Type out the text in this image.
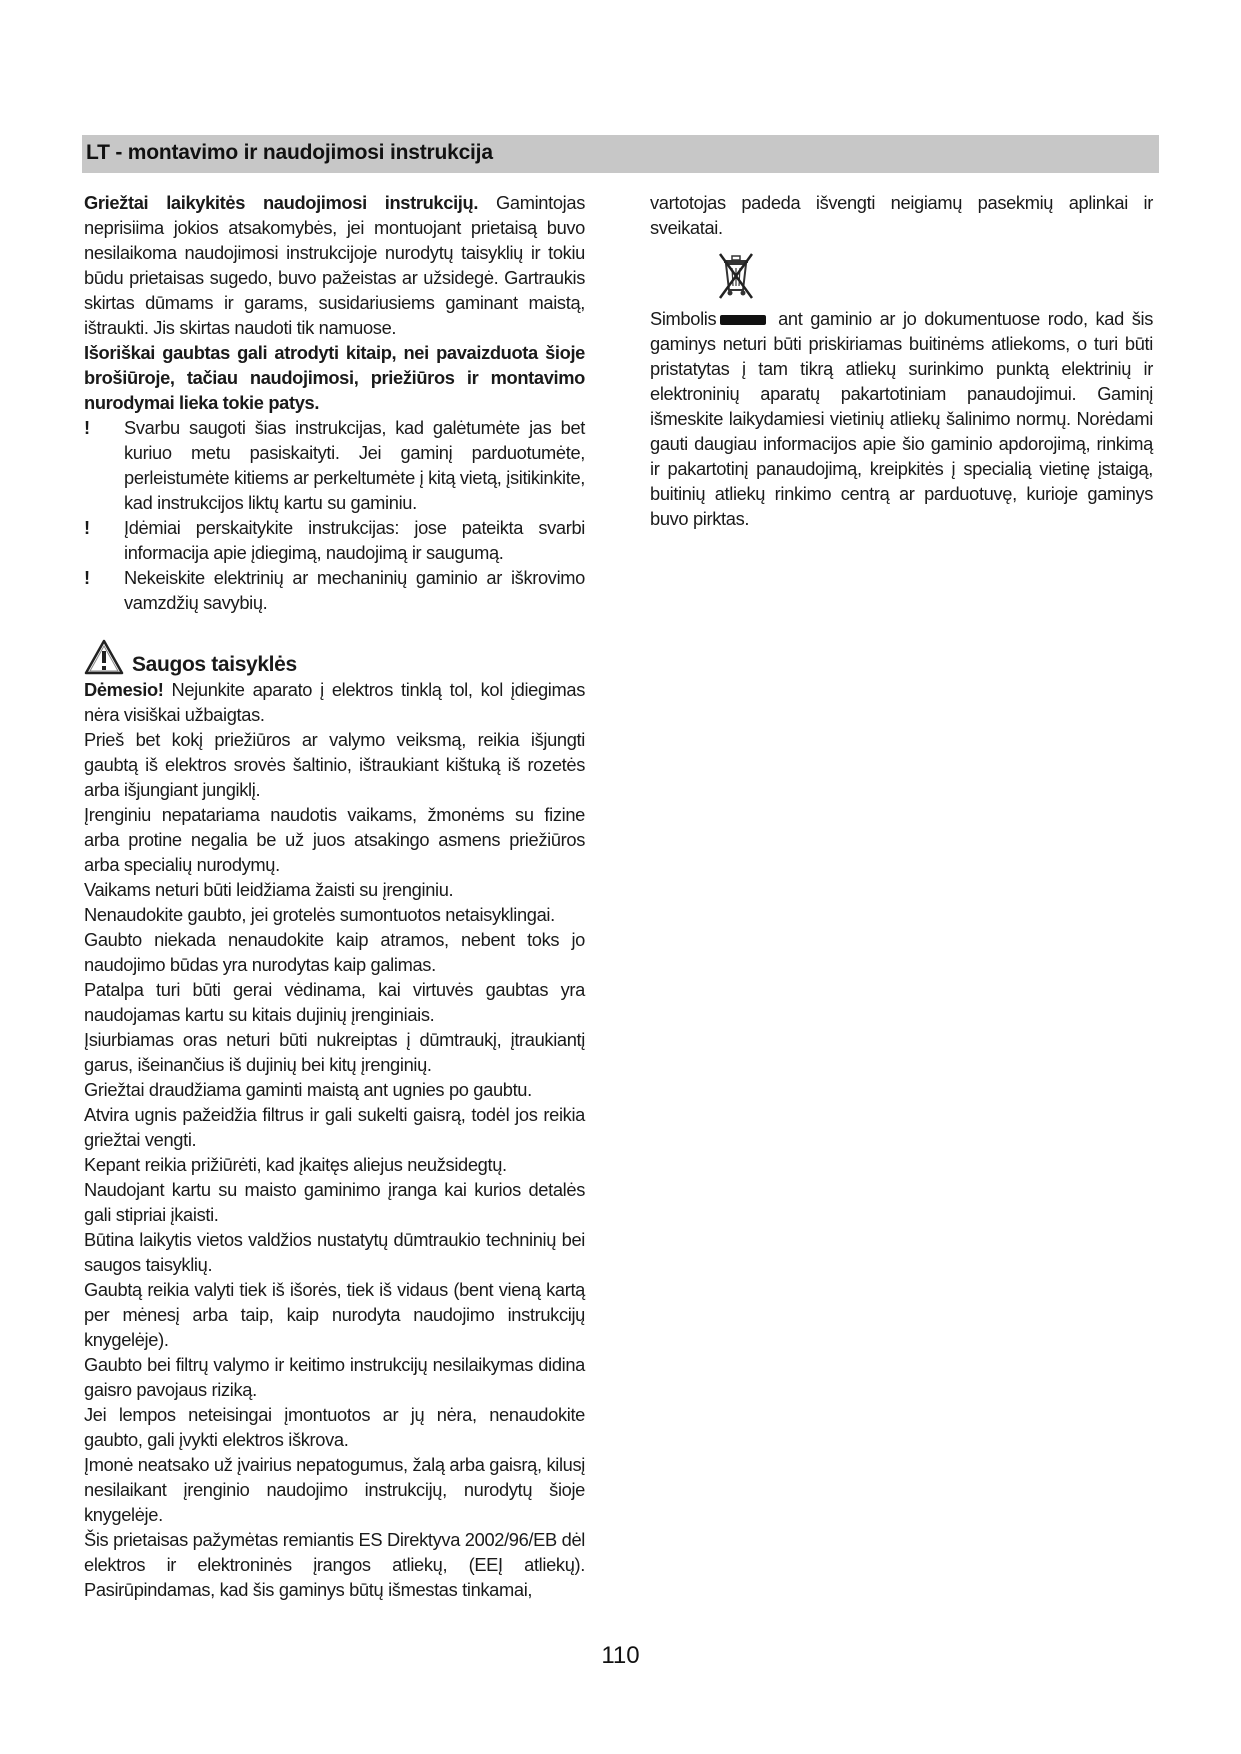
LT - montavimo ir naudojimosi instrukcija

Griežtai laikykitės naudojimosi instrukcijų. Gamintojas neprisiima jokios atsakomybės, jei montuojant prietaisą buvo nesilaikoma naudojimosi instrukcijoje nurodytų taisyklių ir tokiu būdu prietaisas sugedo, buvo pažeistas ar užsidegė. Gartraukis skirtas dūmams ir garams, susidariusiems gaminant maistą, ištraukti. Jis skirtas naudoti tik namuose.

Išoriškai gaubtas gali atrodyti kitaip, nei pavaizduota šioje brošiūroje, tačiau naudojimosi, priežiūros ir montavimo nurodymai lieka tokie patys.

! Svarbu saugoti šias instrukcijas, kad galėtumėte jas bet kuriuo metu pasiskaityti. Jei gaminį parduotumėte, perleistumėte kitiems ar perkeltumėte į kitą vietą, įsitikinkite, kad instrukcijos liktų kartu su gaminiu.
! Įdėmiai perskaitykite instrukcijas: jose pateikta svarbi informacija apie įdiegimą, naudojimą ir saugumą.
! Nekeiskite elektrinių ar mechaninių gaminio ar iškrovimo vamzdžių savybių.
Saugos taisyklės

Dėmesio! Nejunkite aparato į elektros tinklą tol, kol įdiegimas nėra visiškai užbaigtas.

Prieš bet kokį priežiūros ar valymo veiksmą, reikia išjungti gaubtą iš elektros srovės šaltinio, ištraukiant kištuką iš rozetės arba išjungiant jungiklį.

Įrenginiu nepatariama naudotis vaikams, žmonėms su fizine arba protine negalia be už juos atsakingo asmens priežiūros arba specialių nurodymų.

Vaikams neturi būti leidžiama žaisti su įrenginiu.

Nenaudokite gaubto, jei grotelės sumontuotos netaisyklingai.

Gaubto niekada nenaudokite kaip atramos, nebent toks jo naudojimo būdas yra nurodytas kaip galimas.

Patalpa turi būti gerai vėdinama, kai virtuvės gaubtas yra naudojamas kartu su kitais dujinių įrenginiais.

Įsiurbiamas oras neturi būti nukreiptas į dūmtraukį, įtraukiantį garus, išeinančius iš dujinių bei kitų įrenginių.

Griežtai draudžiama gaminti maistą ant ugnies po gaubtu.

Atvira ugnis pažeidžia filtrus ir gali sukelti gaisrą, todėl jos reikia griežtai vengti.

Kepant reikia prižiūrėti, kad įkaitęs aliejus neužsidegtų.

Naudojant kartu su maisto gaminimo įranga kai kurios detalės gali stipriai įkaisti.

Būtina laikytis vietos valdžios nustatytų dūmtraukio techninių bei saugos taisyklių.

Gaubtą reikia valyti tiek iš išorės, tiek iš vidaus (bent vieną kartą per mėnesį arba taip, kaip nurodyta naudojimo instrukcijų knygelėje).

Gaubto bei filtrų valymo ir keitimo instrukcijų nesilaikymas didina gaisro pavojaus riziką.

Jei lempos neteisingai įmontuotos ar jų nėra, nenaudokite gaubto, gali įvykti elektros iškrova.

Įmonė neatsako už įvairius nepatogumus, žalą arba gaisrą, kilusį nesilaikant įrenginio naudojimo instrukcijų, nurodytų šioje knygelėje.

Šis prietaisas pažymėtas remiantis ES Direktyva 2002/96/EB dėl elektros ir elektroninės įrangos atliekų, (EEĮ atliekų). Pasirūpindamas, kad šis gaminys būtų išmestas tinkamai,

vartotojas padeda išvengti neigiamų pasekmių aplinkai ir sveikatai.

Simbolis	ant gaminio ar jo dokumentuose rodo, kad šis gaminys neturi būti priskiriamas buitinėms atliekoms, o turi būti pristatytas į tam tikrą atliekų surinkimo punktą elektrinių ir elektroninių aparatų pakartotiniam panaudojimui. Gaminį išmeskite laikydamiesi vietinių atliekų šalinimo normų. Norėdami gauti daugiau informacijos apie šio gaminio apdorojimą, rinkimą ir pakartotinį panaudojimą, kreipkitės į specialią vietinę įstaigą, buitinių atliekų rinkimo centrą ar parduotuvę, kurioje gaminys buvo pirktas.

110
